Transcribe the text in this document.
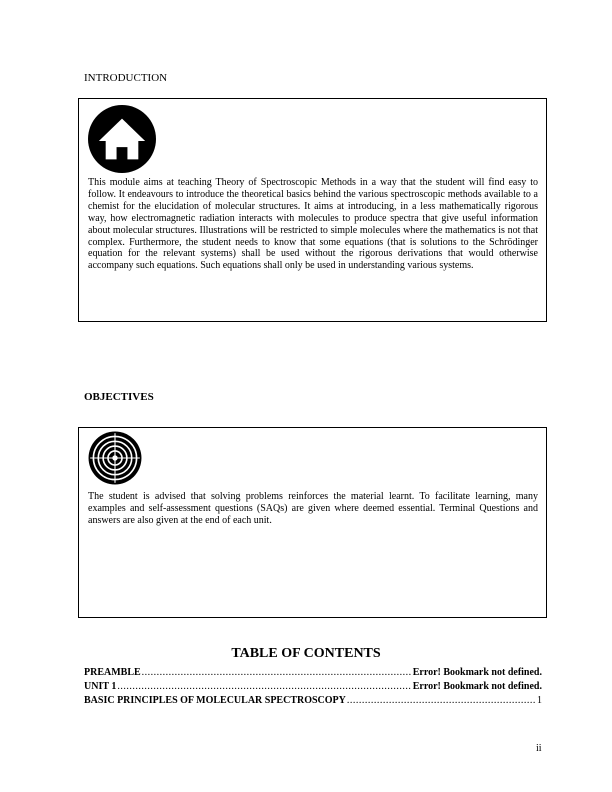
INTRODUCTION

This module aims at teaching Theory of Spectroscopic Methods in a way that the student will find easy to follow. It endeavours to introduce the theoretical basics behind the various spectroscopic methods available to a chemist for the elucidation of molecular structures. It aims at introducing, in a less mathematically rigorous way, how electromagnetic radiation interacts with molecules to produce spectra that give useful information about molecular structures. Illustrations will be restricted to simple molecules where the mathematics is not that complex. Furthermore, the student needs to know that some equations (that is solutions to the Schrödinger equation for the relevant systems) shall be used without the rigorous derivations that would otherwise accompany such equations. Such equations shall only be used in understanding various systems.

OBJECTIVES

The student is advised that solving problems reinforces the material learnt. To facilitate learning, many examples and self-assessment questions (SAQs) are given where deemed essential. Terminal Questions and answers are also given at the end of each unit.

TABLE OF CONTENTS
PREAMBLE . . .	Error! Bookmark not defined.
UNIT 1 . . .	Error! Bookmark not defined.
BASIC PRINCIPLES OF MOLECULAR SPECTROSCOPY . . .	1
ii
